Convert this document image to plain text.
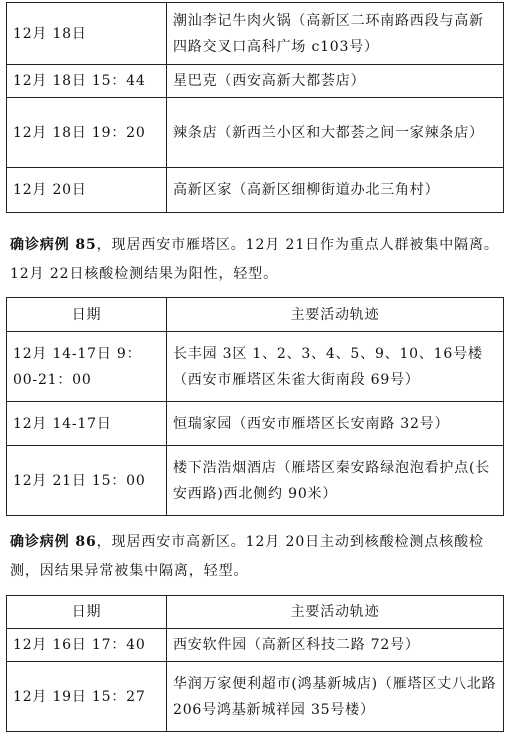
12月 18日	潮汕李记牛肉火锅（高新区二环南路西段与高新四路交叉口高科广场 c103号）
12月 18日 15：44	星巴克（西安高新大都荟店）
12月 18日 19：20	辣条店（新西兰小区和大都荟之间一家辣条店）
12月 20日	高新区家（高新区细柳街道办北三角村）

确诊病例 85，现居西安市雁塔区。12月 21日作为重点人群被集中隔离。12月 22日核酸检测结果为阳性，轻型。

日期	主要活动轨迹
12月 14-17日 9：00-21：00	长丰园 3区 1、2、3、4、5、9、10、16号楼（西安市雁塔区朱雀大街南段 69号）
12月 14-17日	恒瑞家园（西安市雁塔区长安南路 32号）
12月 21日 15：00	楼下浩浩烟酒店（雁塔区秦安路绿泡泡看护点(长安西路)西北侧约 90米）

确诊病例 86，现居西安市高新区。12月 20日主动到核酸检测点核酸检测，因结果异常被集中隔离，轻型。

日期	主要活动轨迹
12月 16日 17：40	西安软件园（高新区科技二路 72号）
12月 19日 15：27	华润万家便利超市(鸿基新城店)（雁塔区丈八北路 206号鸿基新城祥园 35号楼）
